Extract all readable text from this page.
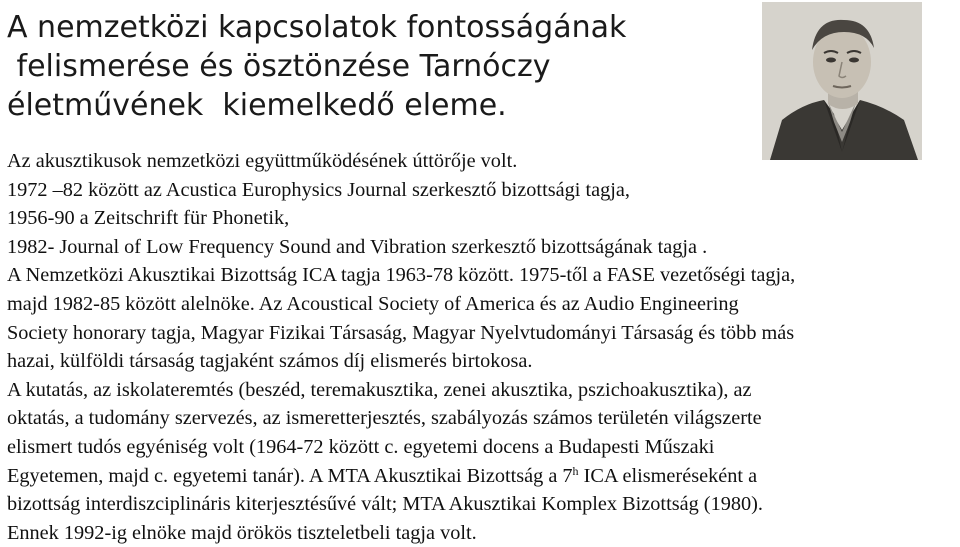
A nemzetközi kapcsolatok fontosságának
felismerése és ösztönzése Tarnóczy
életművének  kiemelkedő eleme.
Az akusztikusok nemzetközi együttműködésének úttörője volt.
1972 –82 között az Acustica Europhysics Journal szerkesztő bizottsági tagja,
1956-90 a Zeitschrift für Phonetik,
1982- Journal of Low Frequency Sound and Vibration szerkesztő bizottságának tagja .
A Nemzetközi Akusztikai Bizottság ICA tagja 1963-78 között. 1975-től a FASE vezetőségi tagja,
majd 1982-85 között alelnöke. Az Acoustical Society of America és az Audio Engineering
Society honorary tagja, Magyar Fizikai Társaság, Magyar Nyelvtudományi Társaság és több más
hazai, külföldi társaság tagjaként számos díj elismerés birtokosa.
A kutatás, az iskolateremtés (beszéd, teremakusztika, zenei akusztika, pszichoakusztika), az
oktatás, a tudomány szervezés, az ismeretterjesztés, szabályozás számos területén világszerte
elismert tudós egyéniség volt (1964-72 között c. egyetemi docens a Budapesti Műszaki
Egyetemen, majd c. egyetemi tanár). A MTA Akusztikai Bizottság a 7$^h$ ICA elismeréseként a
bizottság interdiszciplináris kiterjesztésűvé vált; MTA Akusztikai Komplex Bizottság (1980).
Ennek 1992-ig elnöke majd örökös tiszteletbeli tagja volt.
